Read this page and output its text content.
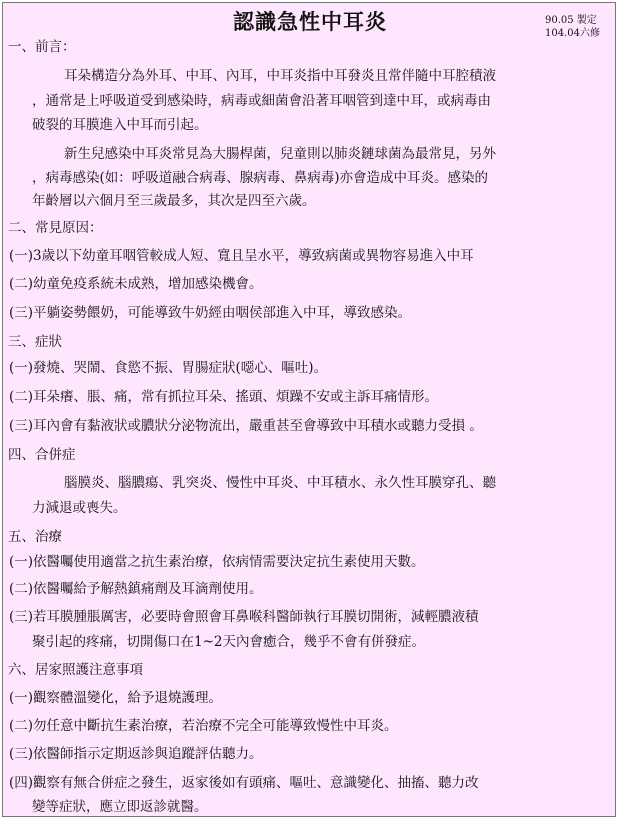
認識急性中耳炎	90.05 製定
104.04六修
一、前言：
耳朵構造分為外耳、中耳、內耳，中耳炎指中耳發炎且常伴隨中耳腔積液
，通常是上呼吸道受到感染時，病毒或細菌會沿著耳咽管到達中耳，或病毒由
破裂的耳膜進入中耳而引起。
新生兒感染中耳炎常見為大腸桿菌，兒童則以肺炎鏈球菌為最常見，另外
，病毒感染(如：呼吸道融合病毒、腺病毒、鼻病毒)亦會造成中耳炎。感染的
年齡層以六個月至三歲最多，其次是四至六歲。
二、常見原因：
(一)3歲以下幼童耳咽管較成人短、寬且呈水平，導致病菌或異物容易進入中耳
(二)幼童免疫系統未成熟，增加感染機會。
(三)平躺姿勢餵奶，可能導致牛奶經由咽侯部進入中耳，導致感染。
三、症狀
(一)發燒、哭鬧、食慾不振、胃腸症狀(噁心、嘔吐)。
(二)耳朵癢、脹、痛，常有抓拉耳朵、搖頭、煩躁不安或主訴耳痛情形。
(三)耳內會有黏液狀或膿狀分泌物流出，嚴重甚至會導致中耳積水或聽力受損 。
四、合併症
腦膜炎、腦膿瘍、乳突炎、慢性中耳炎、中耳積水、永久性耳膜穿孔、聽
力減退或喪失。
五、治療
(一)依醫囑使用適當之抗生素治療，依病情需要決定抗生素使用天數。
(二)依醫囑給予解熱鎮痛劑及耳滴劑使用。
(三)若耳膜腫脹厲害，必要時會照會耳鼻喉科醫師執行耳膜切開術，減輕膿液積
聚引起的疼痛，切開傷口在1~2天內會癒合，幾乎不會有併發症。
六、居家照護注意事項
(一)觀察體溫變化，給予退燒護理。
(二)勿任意中斷抗生素治療，若治療不完全可能導致慢性中耳炎。
(三)依醫師指示定期返診與追蹤評估聽力。
(四)觀察有無合併症之發生，返家後如有頭痛、嘔吐、意識變化、抽搐、聽力改
變等症狀，應立即返診就醫。
